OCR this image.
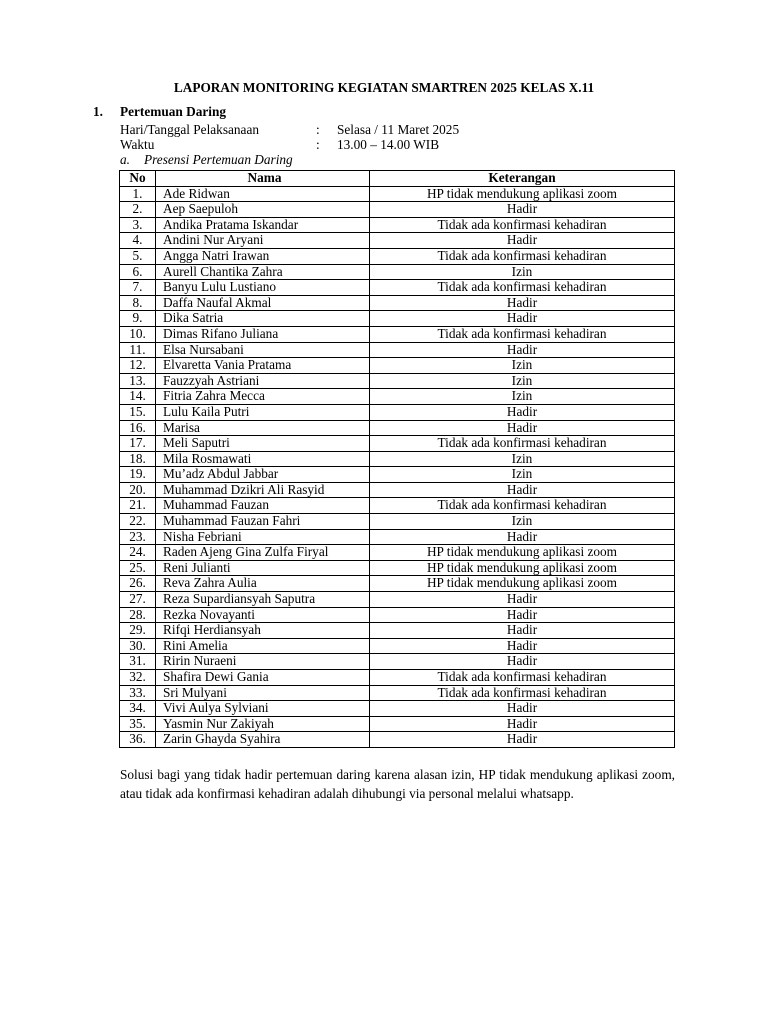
LAPORAN MONITORING KEGIATAN SMARTREN 2025 KELAS X.11
1. Pertemuan Daring
Hari/Tanggal Pelaksanaan	: Selasa / 11 Maret 2025
Waktu	: 13.00 – 14.00 WIB
a. Presensi Pertemuan Daring
No	Nama	Keterangan
1.	Ade Ridwan	HP tidak mendukung aplikasi zoom
2.	Aep Saepuloh	Hadir
3.	Andika Pratama Iskandar	Tidak ada konfirmasi kehadiran
4.	Andini Nur Aryani	Hadir
5.	Angga Natri Irawan	Tidak ada konfirmasi kehadiran
6.	Aurell Chantika Zahra	Izin
7.	Banyu Lulu Lustiano	Tidak ada konfirmasi kehadiran
8.	Daffa Naufal Akmal	Hadir
9.	Dika Satria	Hadir
10.	Dimas Rifano Juliana	Tidak ada konfirmasi kehadiran
11.	Elsa Nursabani	Hadir
12.	Elvaretta Vania Pratama	Izin
13.	Fauzzyah Astriani	Izin
14.	Fitria Zahra Mecca	Izin
15.	Lulu Kaila Putri	Hadir
16.	Marisa	Hadir
17.	Meli Saputri	Tidak ada konfirmasi kehadiran
18.	Mila Rosmawati	Izin
19.	Mu’adz Abdul Jabbar	Izin
20.	Muhammad Dzikri Ali Rasyid	Hadir
21.	Muhammad Fauzan	Tidak ada konfirmasi kehadiran
22.	Muhammad Fauzan Fahri	Izin
23.	Nisha Febriani	Hadir
24.	Raden Ajeng Gina Zulfa Firyal	HP tidak mendukung aplikasi zoom
25.	Reni Julianti	HP tidak mendukung aplikasi zoom
26.	Reva Zahra Aulia	HP tidak mendukung aplikasi zoom
27.	Reza Supardiansyah Saputra	Hadir
28.	Rezka Novayanti	Hadir
29.	Rifqi Herdiansyah	Hadir
30.	Rini Amelia	Hadir
31.	Ririn Nuraeni	Hadir
32.	Shafira Dewi Gania	Tidak ada konfirmasi kehadiran
33.	Sri Mulyani	Tidak ada konfirmasi kehadiran
34.	Vivi Aulya Sylviani	Hadir
35.	Yasmin Nur Zakiyah	Hadir
36.	Zarin Ghayda Syahira	Hadir
Solusi bagi yang tidak hadir pertemuan daring karena alasan izin, HP tidak mendukung aplikasi zoom, atau tidak ada konfirmasi kehadiran adalah dihubungi via personal melalui whatsapp.
